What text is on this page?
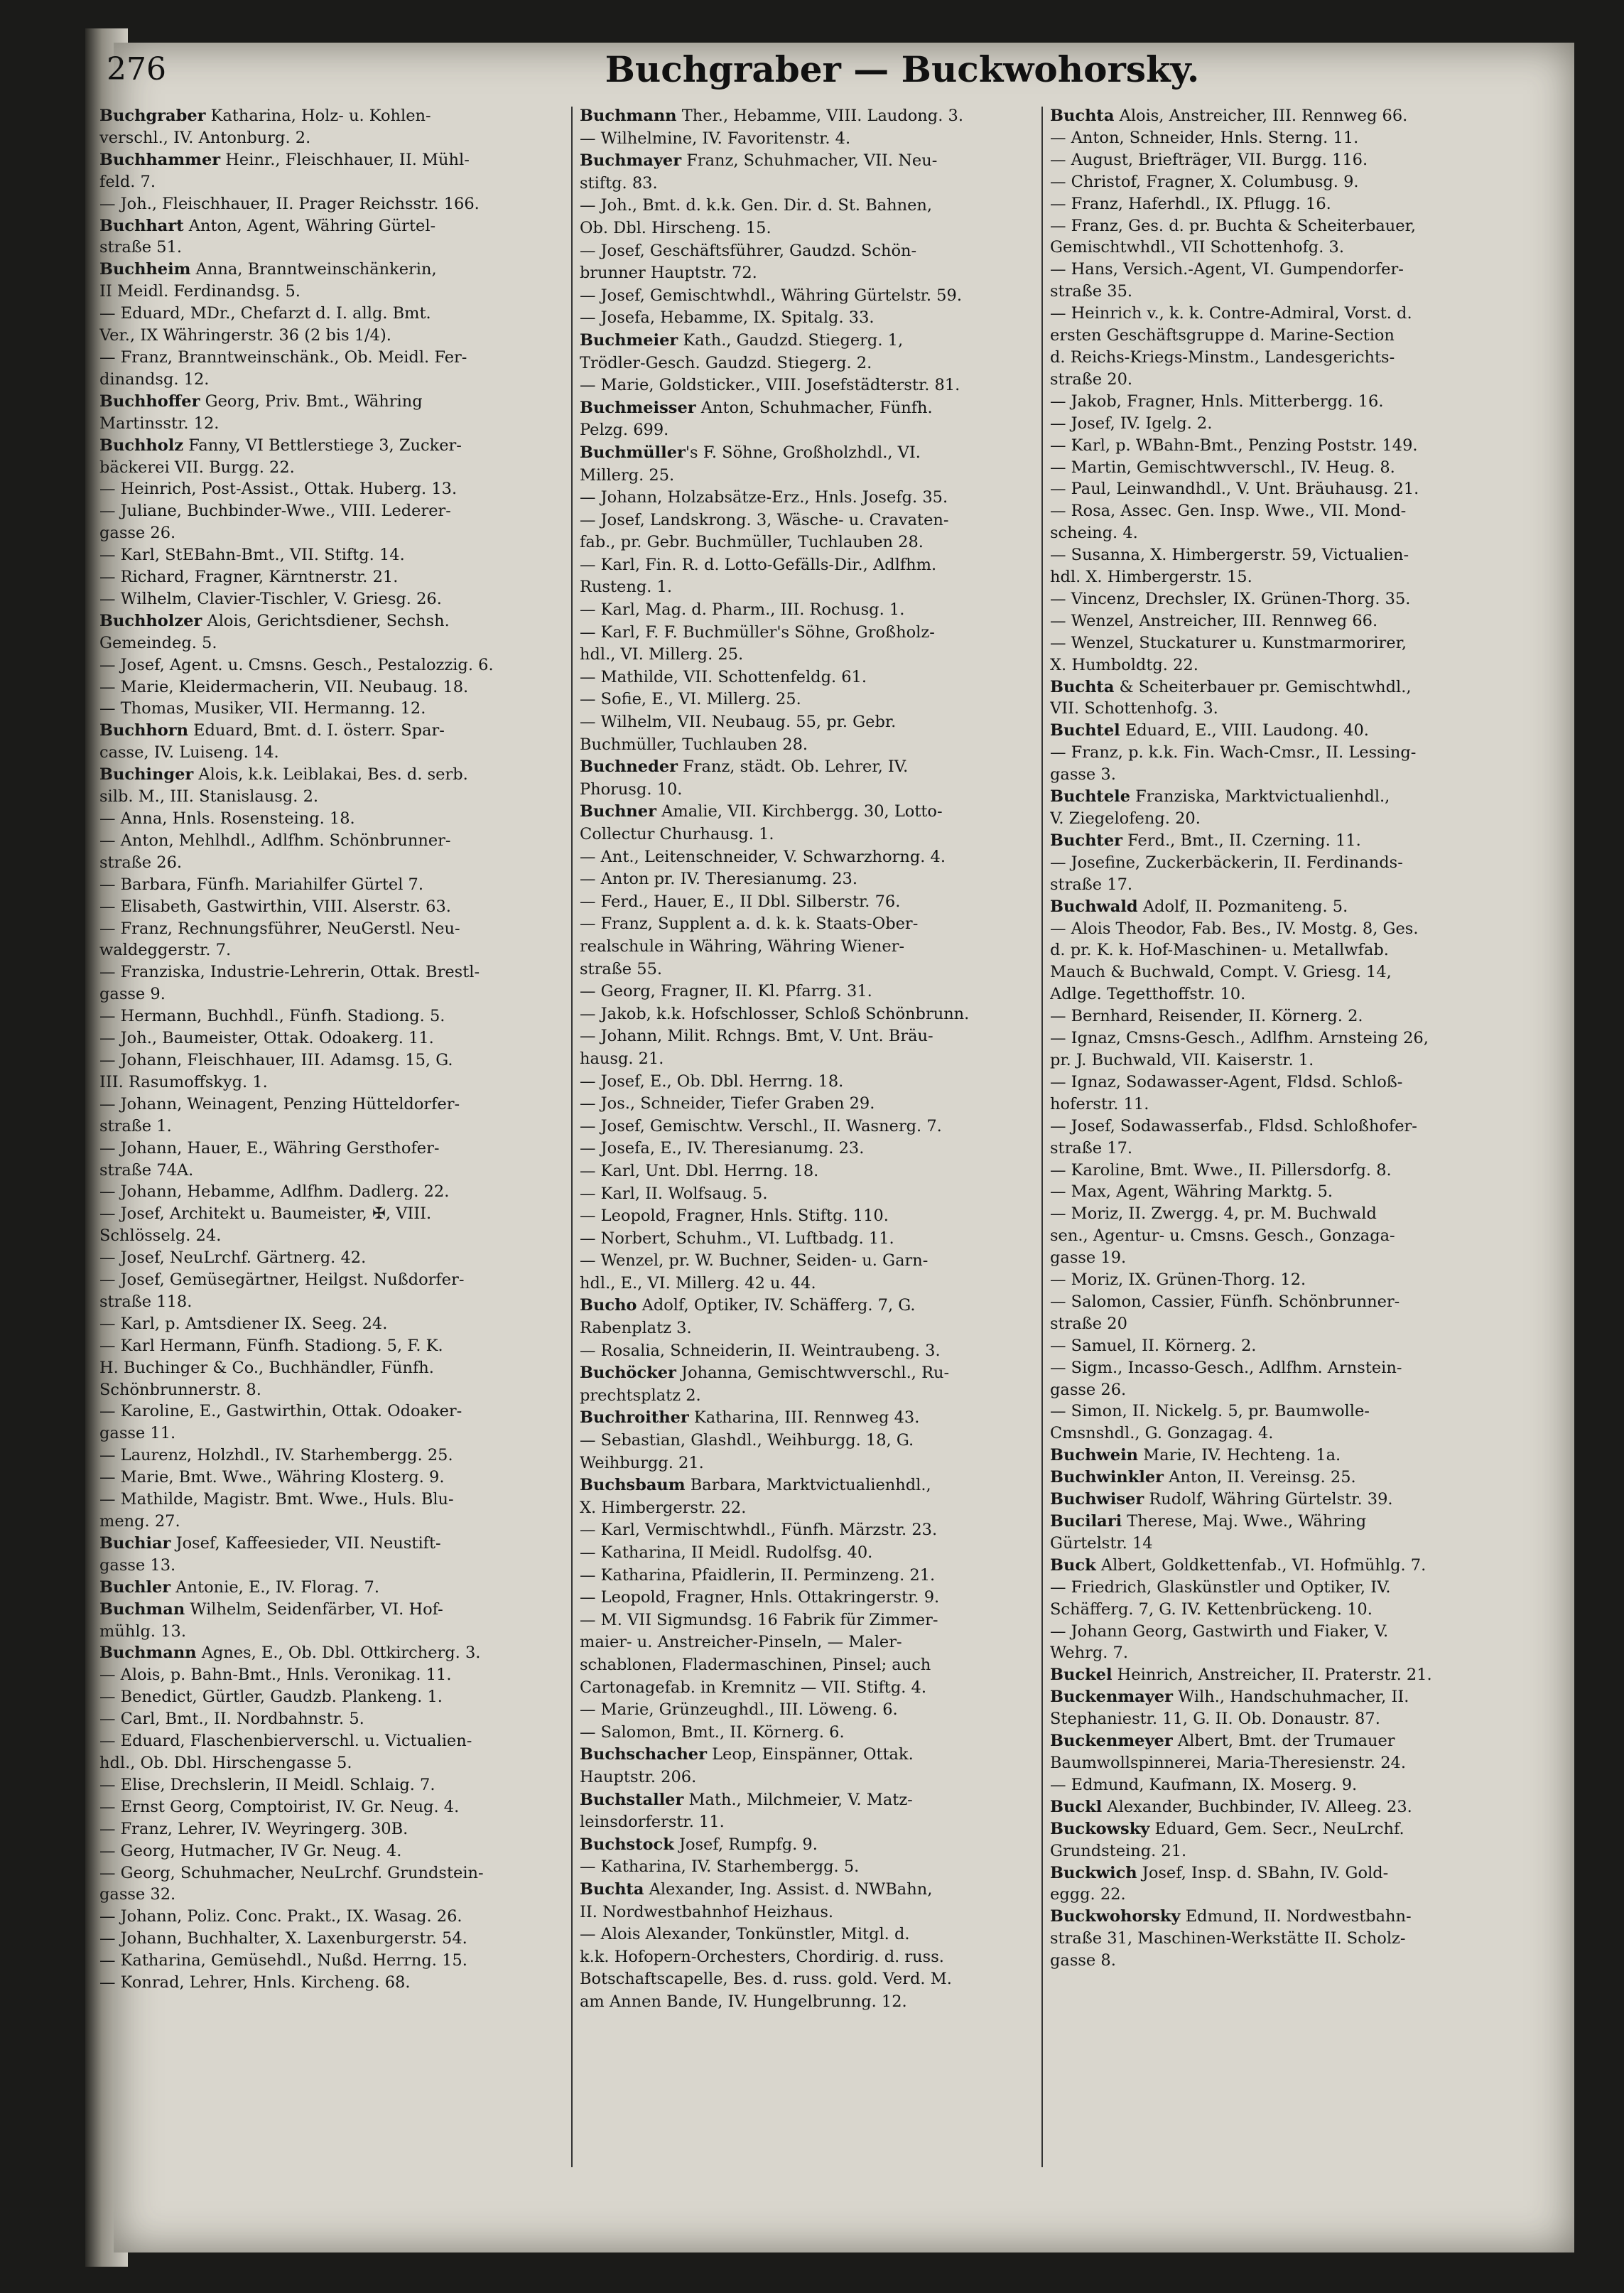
276	Buchgraber — Buckwohorsky.
Buchgraber Katharina, Holz- u. Kohlen-
verschl., IV. Antonburg. 2.
Buchhammer Heinr., Fleischhauer, II. Mühl-
feld. 7.
— Joh., Fleischhauer, II. Prager Reichsstr. 166.
Buchhart Anton, Agent, Währing Gürtel-
straße 51.
Buchheim Anna, Branntweinschänkerin,
II Meidl. Ferdinandsg. 5.
— Eduard, MDr., Chefarzt d. I. allg. Bmt.
Ver., IX Währingerstr. 36 (2 bis 1/4).
— Franz, Branntweinschänk., Ob. Meidl. Fer-
dinandsg. 12.
Buchhoffer Georg, Priv. Bmt., Währing
Martinsstr. 12.
Buchholz Fanny, VI Bettlerstiege 3, Zucker-
bäckerei VII. Burgg. 22.
— Heinrich, Post-Assist., Ottak. Huberg. 13.
— Juliane, Buchbinder-Wwe., VIII. Lederer-
gasse 26.
— Karl, StEBahn-Bmt., VII. Stiftg. 14.
— Richard, Fragner, Kärntnerstr. 21.
— Wilhelm, Clavier-Tischler, V. Griesg. 26.
Buchholzer Alois, Gerichtsdiener, Sechsh.
Gemeindeg. 5.
— Josef, Agent. u. Cmsns. Gesch., Pestalozzig. 6.
— Marie, Kleidermacherin, VII. Neubaug. 18.
— Thomas, Musiker, VII. Hermanng. 12.
Buchhorn Eduard, Bmt. d. I. österr. Spar-
casse, IV. Luiseng. 14.
Buchinger Alois, k.k. Leiblakai, Bes. d. serb.
silb. M., III. Stanislausg. 2.
— Anna, Hnls. Rosensteing. 18.
— Anton, Mehlhdl., Adlfhm. Schönbrunner-
straße 26.
— Barbara, Fünfh. Mariahilfer Gürtel 7.
— Elisabeth, Gastwirthin, VIII. Alserstr. 63.
— Franz, Rechnungsführer, NeuGerstl. Neu-
waldeggerstr. 7.
— Franziska, Industrie-Lehrerin, Ottak. Brestl-
gasse 9.
— Hermann, Buchhdl., Fünfh. Stadiong. 5.
— Joh., Baumeister, Ottak. Odoakerg. 11.
— Johann, Fleischhauer, III. Adamsg. 15, G.
III. Rasumoffskyg. 1.
— Johann, Weinagent, Penzing Hütteldorfer-
straße 1.
— Johann, Hauer, E., Währing Gersthofer-
straße 74A.
— Johann, Hebamme, Adlfhm. Dadlerg. 22.
— Josef, Architekt u. Baumeister, ✠, VIII.
Schlösselg. 24.
— Josef, NeuLrchf. Gärtnerg. 42.
— Josef, Gemüsegärtner, Heilgst. Nußdorfer-
straße 118.
— Karl, p. Amtsdiener IX. Seeg. 24.
— Karl Hermann, Fünfh. Stadiong. 5, F. K.
H. Buchinger & Co., Buchhändler, Fünfh.
Schönbrunnerstr. 8.
— Karoline, E., Gastwirthin, Ottak. Odoaker-
gasse 11.
— Laurenz, Holzhdl., IV. Starhembergg. 25.
— Marie, Bmt. Wwe., Währing Klosterg. 9.
— Mathilde, Magistr. Bmt. Wwe., Huls. Blu-
meng. 27.
Buchiar Josef, Kaffeesieder, VII. Neustift-
gasse 13.
Buchler Antonie, E., IV. Florag. 7.
Buchman Wilhelm, Seidenfärber, VI. Hof-
mühlg. 13.
Buchmann Agnes, E., Ob. Dbl. Ottkircherg. 3.
— Alois, p. Bahn-Bmt., Hnls. Veronikag. 11.
— Benedict, Gürtler, Gaudzb. Plankeng. 1.
— Carl, Bmt., II. Nordbahnstr. 5.
— Eduard, Flaschenbierverschl. u. Victualien-
hdl., Ob. Dbl. Hirschengasse 5.
— Elise, Drechslerin, II Meidl. Schlaig. 7.
— Ernst Georg, Comptoirist, IV. Gr. Neug. 4.
— Franz, Lehrer, IV. Weyringerg. 30B.
— Georg, Hutmacher, IV Gr. Neug. 4.
— Georg, Schuhmacher, NeuLrchf. Grundstein-
gasse 32.
— Johann, Poliz. Conc. Prakt., IX. Wasag. 26.
— Johann, Buchhalter, X. Laxenburgerstr. 54.
— Katharina, Gemüsehdl., Nußd. Herrng. 15.
— Konrad, Lehrer, Hnls. Kircheng. 68.
Buchmann Ther., Hebamme, VIII. Laudong. 3.
— Wilhelmine, IV. Favoritenstr. 4.
Buchmayer Franz, Schuhmacher, VII. Neu-
stiftg. 83.
— Joh., Bmt. d. k.k. Gen. Dir. d. St. Bahnen,
Ob. Dbl. Hirscheng. 15.
— Josef, Geschäftsführer, Gaudzd. Schön-
brunner Hauptstr. 72.
— Josef, Gemischtwhdl., Währing Gürtelstr. 59.
— Josefa, Hebamme, IX. Spitalg. 33.
Buchmeier Kath., Gaudzd. Stiegerg. 1,
Trödler-Gesch. Gaudzd. Stiegerg. 2.
— Marie, Goldsticker., VIII. Josefstädterstr. 81.
Buchmeisser Anton, Schuhmacher, Fünfh.
Pelzg. 699.
Buchmüller's F. Söhne, Großholzhdl., VI.
Millerg. 25.
— Johann, Holzabsätze-Erz., Hnls. Josefg. 35.
— Josef, Landskrong. 3, Wäsche- u. Cravaten-
fab., pr. Gebr. Buchmüller, Tuchlauben 28.
— Karl, Fin. R. d. Lotto-Gefälls-Dir., Adlfhm.
Rusteng. 1.
— Karl, Mag. d. Pharm., III. Rochusg. 1.
— Karl, F. F. Buchmüller's Söhne, Großholz-
hdl., VI. Millerg. 25.
— Mathilde, VII. Schottenfeldg. 61.
— Sofie, E., VI. Millerg. 25.
— Wilhelm, VII. Neubaug. 55, pr. Gebr.
Buchmüller, Tuchlauben 28.
Buchneder Franz, städt. Ob. Lehrer, IV.
Phorusg. 10.
Buchner Amalie, VII. Kirchbergg. 30, Lotto-
Collectur Churhausg. 1.
— Ant., Leitenschneider, V. Schwarzhorng. 4.
— Anton pr. IV. Theresianumg. 23.
— Ferd., Hauer, E., II Dbl. Silberstr. 76.
— Franz, Supplent a. d. k. k. Staats-Ober-
realschule in Währing, Währing Wiener-
straße 55.
— Georg, Fragner, II. Kl. Pfarrg. 31.
— Jakob, k.k. Hofschlosser, Schloß Schönbrunn.
— Johann, Milit. Rchngs. Bmt, V. Unt. Bräu-
hausg. 21.
— Josef, E., Ob. Dbl. Herrng. 18.
— Jos., Schneider, Tiefer Graben 29.
— Josef, Gemischtw. Verschl., II. Wasnerg. 7.
— Josefa, E., IV. Theresianumg. 23.
— Karl, Unt. Dbl. Herrng. 18.
— Karl, II. Wolfsaug. 5.
— Leopold, Fragner, Hnls. Stiftg. 110.
— Norbert, Schuhm., VI. Luftbadg. 11.
— Wenzel, pr. W. Buchner, Seiden- u. Garn-
hdl., E., VI. Millerg. 42 u. 44.
Bucho Adolf, Optiker, IV. Schäfferg. 7, G.
Rabenplatz 3.
— Rosalia, Schneiderin, II. Weintraubeng. 3.
Buchöcker Johanna, Gemischtwverschl., Ru-
prechtsplatz 2.
Buchroither Katharina, III. Rennweg 43.
— Sebastian, Glashdl., Weihburgg. 18, G.
Weihburgg. 21.
Buchsbaum Barbara, Marktvictualienhdl.,
X. Himbergerstr. 22.
— Karl, Vermischtwhdl., Fünfh. Märzstr. 23.
— Katharina, II Meidl. Rudolfsg. 40.
— Katharina, Pfaidlerin, II. Perminzeng. 21.
— Leopold, Fragner, Hnls. Ottakringerstr. 9.
— M. VII Sigmundsg. 16 Fabrik für Zimmer-
maier- u. Anstreicher-Pinseln, — Maler-
schablonen, Fladermaschinen, Pinsel; auch
Cartonagefab. in Kremnitz — VII. Stiftg. 4.
— Marie, Grünzeughdl., III. Löweng. 6.
— Salomon, Bmt., II. Körnerg. 6.
Buchschacher Leop, Einspänner, Ottak.
Hauptstr. 206.
Buchstaller Math., Milchmeier, V. Matz-
leinsdorferstr. 11.
Buchstock Josef, Rumpfg. 9.
— Katharina, IV. Starhembergg. 5.
Buchta Alexander, Ing. Assist. d. NWBahn,
II. Nordwestbahnhof Heizhaus.
— Alois Alexander, Tonkünstler, Mitgl. d.
k.k. Hofopern-Orchesters, Chordirig. d. russ.
Botschaftscapelle, Bes. d. russ. gold. Verd. M.
am Annen Bande, IV. Hungelbrunng. 12.
Buchta Alois, Anstreicher, III. Rennweg 66.
— Anton, Schneider, Hnls. Sterng. 11.
— August, Briefträger, VII. Burgg. 116.
— Christof, Fragner, X. Columbusg. 9.
— Franz, Haferhdl., IX. Pflugg. 16.
— Franz, Ges. d. pr. Buchta & Scheiterbauer,
Gemischtwhdl., VII Schottenhofg. 3.
— Hans, Versich.-Agent, VI. Gumpendorfer-
straße 35.
— Heinrich v., k. k. Contre-Admiral, Vorst. d.
ersten Geschäftsgruppe d. Marine-Section
d. Reichs-Kriegs-Minstm., Landesgerichts-
straße 20.
— Jakob, Fragner, Hnls. Mitterbergg. 16.
— Josef, IV. Igelg. 2.
— Karl, p. WBahn-Bmt., Penzing Poststr. 149.
— Martin, Gemischtwverschl., IV. Heug. 8.
— Paul, Leinwandhdl., V. Unt. Bräuhausg. 21.
— Rosa, Assec. Gen. Insp. Wwe., VII. Mond-
scheing. 4.
— Susanna, X. Himbergerstr. 59, Victualien-
hdl. X. Himbergerstr. 15.
— Vincenz, Drechsler, IX. Grünen-Thorg. 35.
— Wenzel, Anstreicher, III. Rennweg 66.
— Wenzel, Stuckaturer u. Kunstmarmorirer,
X. Humboldtg. 22.
Buchta & Scheiterbauer pr. Gemischtwhdl.,
VII. Schottenhofg. 3.
Buchtel Eduard, E., VIII. Laudong. 40.
— Franz, p. k.k. Fin. Wach-Cmsr., II. Lessing-
gasse 3.
Buchtele Franziska, Marktvictualienhdl.,
V. Ziegelofeng. 20.
Buchter Ferd., Bmt., II. Czerning. 11.
— Josefine, Zuckerbäckerin, II. Ferdinands-
straße 17.
Buchwald Adolf, II. Pozmaniteng. 5.
— Alois Theodor, Fab. Bes., IV. Mostg. 8, Ges.
d. pr. K. k. Hof-Maschinen- u. Metallwfab.
Mauch & Buchwald, Compt. V. Griesg. 14,
Adlge. Tegetthoffstr. 10.
— Bernhard, Reisender, II. Körnerg. 2.
— Ignaz, Cmsns-Gesch., Adlfhm. Arnsteing 26,
pr. J. Buchwald, VII. Kaiserstr. 1.
— Ignaz, Sodawasser-Agent, Fldsd. Schloß-
hoferstr. 11.
— Josef, Sodawasserfab., Fldsd. Schloßhofer-
straße 17.
— Karoline, Bmt. Wwe., II. Pillersdorfg. 8.
— Max, Agent, Währing Marktg. 5.
— Moriz, II. Zwergg. 4, pr. M. Buchwald
sen., Agentur- u. Cmsns. Gesch., Gonzaga-
gasse 19.
— Moriz, IX. Grünen-Thorg. 12.
— Salomon, Cassier, Fünfh. Schönbrunner-
straße 20
— Samuel, II. Körnerg. 2.
— Sigm., Incasso-Gesch., Adlfhm. Arnstein-
gasse 26.
— Simon, II. Nickelg. 5, pr. Baumwolle-
Cmsnshdl., G. Gonzagag. 4.
Buchwein Marie, IV. Hechteng. 1a.
Buchwinkler Anton, II. Vereinsg. 25.
Buchwiser Rudolf, Währing Gürtelstr. 39.
Bucilari Therese, Maj. Wwe., Währing
Gürtelstr. 14
Buck Albert, Goldkettenfab., VI. Hofmühlg. 7.
— Friedrich, Glaskünstler und Optiker, IV.
Schäfferg. 7, G. IV. Kettenbrückeng. 10.
— Johann Georg, Gastwirth und Fiaker, V.
Wehrg. 7.
Buckel Heinrich, Anstreicher, II. Praterstr. 21.
Buckenmayer Wilh., Handschuhmacher, II.
Stephaniestr. 11, G. II. Ob. Donaustr. 87.
Buckenmeyer Albert, Bmt. der Trumauer
Baumwollspinnerei, Maria-Theresienstr. 24.
— Edmund, Kaufmann, IX. Moserg. 9.
Buckl Alexander, Buchbinder, IV. Alleeg. 23.
Buckowsky Eduard, Gem. Secr., NeuLrchf.
Grundsteing. 21.
Buckwich Josef, Insp. d. SBahn, IV. Gold-
eggg. 22.
Buckwohorsky Edmund, II. Nordwestbahn-
straße 31, Maschinen-Werkstätte II. Scholz-
gasse 8.
